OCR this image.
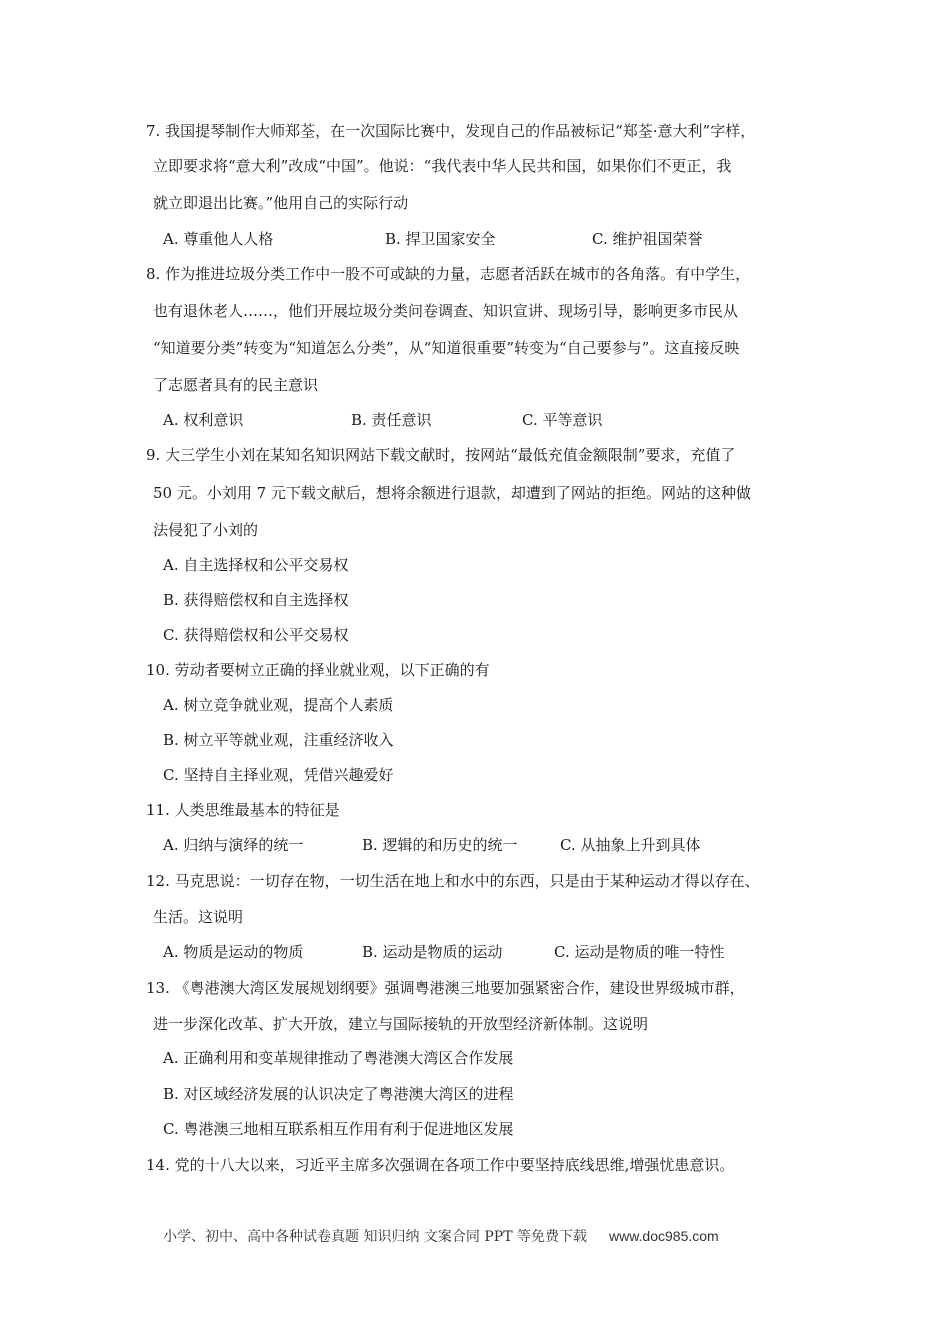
7. 我国提琴制作大师郑荃，在一次国际比赛中，发现自己的作品被标记“郑荃·意大利”字样，
立即要求将“意大利”改成“中国”。他说：“我代表中华人民共和国，如果你们不更正，我
就立即退出比赛。”他用自己的实际行动
A. 尊重他人人格	B. 捍卫国家安全	C. 维护祖国荣誉
8. 作为推进垃圾分类工作中一股不可或缺的力量，志愿者活跃在城市的各角落。有中学生，
也有退休老人……，他们开展垃圾分类问卷调查、知识宣讲、现场引导，影响更多市民从
“知道要分类”转变为“知道怎么分类”，从“知道很重要”转变为“自己要参与”。这直接反映
了志愿者具有的民主意识
A. 权利意识	B. 责任意识	C. 平等意识
9. 大三学生小刘在某知名知识网站下载文献时，按网站“最低充值金额限制”要求，充值了
50 元。小刘用 7 元下载文献后，想将余额进行退款，却遭到了网站的拒绝。网站的这种做
法侵犯了小刘的
A. 自主选择权和公平交易权
B. 获得赔偿权和自主选择权
C. 获得赔偿权和公平交易权
10. 劳动者要树立正确的择业就业观，以下正确的有
A. 树立竞争就业观，提高个人素质
B. 树立平等就业观，注重经济收入
C. 坚持自主择业观，凭借兴趣爱好
11. 人类思维最基本的特征是
A. 归纳与演绎的统一	B. 逻辑的和历史的统一	C. 从抽象上升到具体
12. 马克思说：一切存在物，一切生活在地上和水中的东西，只是由于某种运动才得以存在、
生活。这说明
A. 物质是运动的物质	B. 运动是物质的运动	C. 运动是物质的唯一特性
13. 《粤港澳大湾区发展规划纲要》强调粤港澳三地要加强紧密合作，建设世界级城市群，
进一步深化改革、扩大开放，建立与国际接轨的开放型经济新体制。这说明
A. 正确利用和变革规律推动了粤港澳大湾区合作发展
B. 对区域经济发展的认识决定了粤港澳大湾区的进程
C. 粤港澳三地相互联系相互作用有利于促进地区发展
14. 党的十八大以来，习近平主席多次强调在各项工作中要坚持底线思维,增强忧患意识。
小学、初中、高中各种试卷真题 知识归纳 文案合同 PPT 等免费下载 www.doc985.com
